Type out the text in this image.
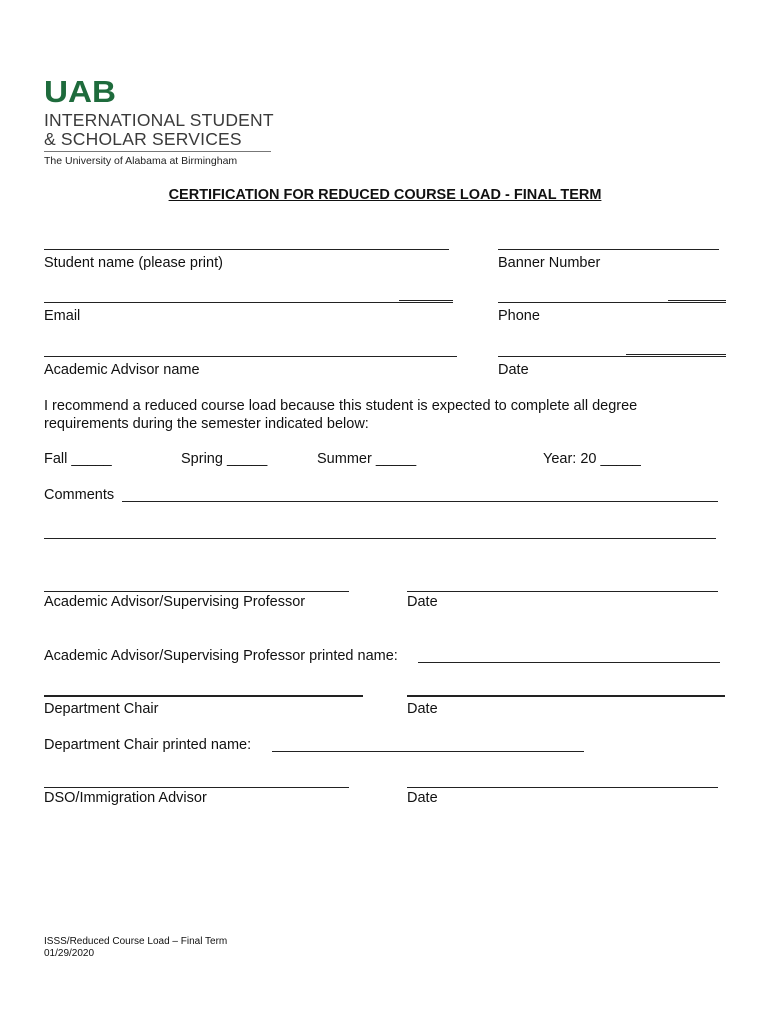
UAB
INTERNATIONAL STUDENT
& SCHOLAR SERVICES
The University of Alabama at Birmingham
CERTIFICATION FOR REDUCED COURSE LOAD - FINAL TERM
Student name (please print)	Banner Number
Email	Phone
Academic Advisor name	Date
I recommend a reduced course load because this student is expected to complete all degree requirements during the semester indicated below:
Fall _____	Spring _____	Summer _____	Year: 20 _____
Comments
Academic Advisor/Supervising Professor	Date
Academic Advisor/Supervising Professor printed name:
Department Chair	Date
Department Chair printed name:
DSO/Immigration Advisor	Date
ISSS/Reduced Course Load – Final Term
01/29/2020
